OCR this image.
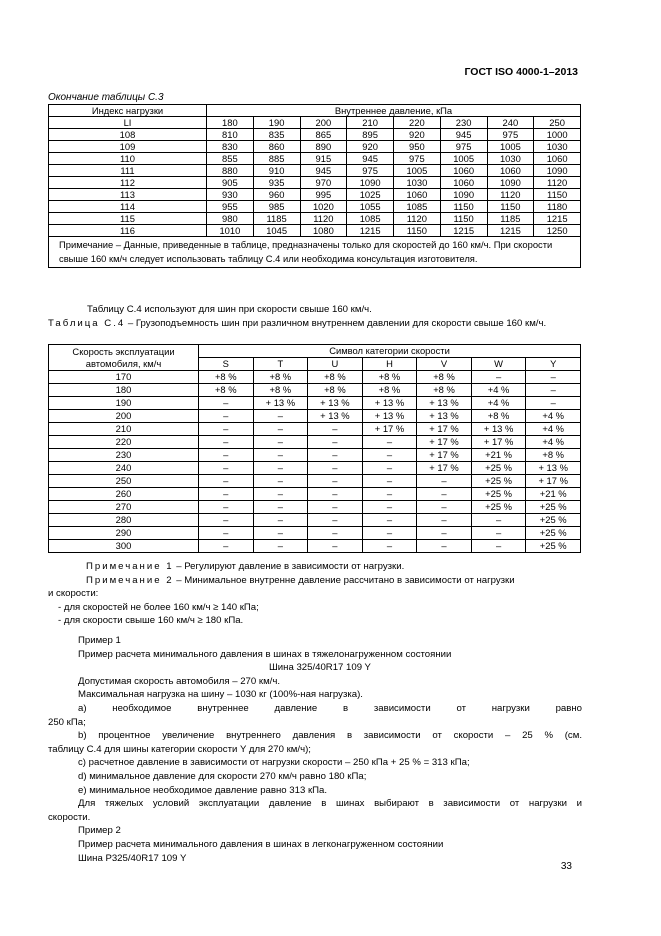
ГОСТ ISO 4000-1–2013
Окончание таблицы С.3
Индекс нагрузки	Внутреннее давление, кПа							
LI	180	190	200	210	220	230	240	250
108	810	835	865	895	920	945	975	1000
109	830	860	890	920	950	975	1005	1030
110	855	885	915	945	975	1005	1030	1060
111	880	910	945	975	1005	1060	1060	1090
112	905	935	970	1090	1030	1060	1090	1120
113	930	960	995	1025	1060	1090	1120	1150
114	955	985	1020	1055	1085	1150	1150	1180
115	980	1185	1120	1085	1120	1150	1185	1215
116	1010	1045	1080	1215	1150	1215	1215	1250
Примечание – Данные, приведенные в таблице, предназначены только для скоростей до 160 км/ч. При скорости свыше 160 км/ч следует использовать таблицу С.4 или необходима консультация изготовителя.								
Таблицу С.4 используют для шин при скорости свыше 160 км/ч.
Таблица С.4 – Грузоподъемность шин при различном внутреннем давлении для скорости свыше 160 км/ч.
Скорость эксплуатации
автомобиля, км/ч	Символ категории скорости						
	S	T	U	H	V	W	Y
170	+8 %	+8 %	+8 %	+8 %	+8 %	–	–
180	+8 %	+8 %	+8 %	+8 %	+8 %	+4 %	–
190	–	+ 13 %	+ 13 %	+ 13 %	+ 13 %	+4 %	–
200	–	–	+ 13 %	+ 13 %	+ 13 %	+8 %	+4 %
210	–	–	–	+ 17 %	+ 17 %	+ 13 %	+4 %
220	–	–	–	–	+ 17 %	+ 17 %	+4 %
230	–	–	–	–	+ 17 %	+21 %	+8 %
240	–	–	–	–	+ 17 %	+25 %	+ 13 %
250	–	–	–	–	–	+25 %	+ 17 %
260	–	–	–	–	–	+25 %	+21 %
270	–	–	–	–	–	+25 %	+25 %
280	–	–	–	–	–	–	+25 %
290	–	–	–	–	–	–	+25 %
300	–	–	–	–	–	–	+25 %

Примечание 1 – Регулируют давление в зависимости от нагрузки.

Примечание 2 – Минимальное внутренне давление рассчитано в зависимости от нагрузки

и скорости:

- для скоростей не более 160 км/ч ≥ 140 кПа;

- для скорости свыше 160 км/ч ≥ 180 кПа.

Пример 1

Пример расчета минимального давления в шинах в тяжелонагруженном состоянии

Шина 325/40R17 109 Y

Допустимая скорость автомобиля – 270 км/ч.

Максимальная нагрузка на шину – 1030 кг (100%-ная нагрузка).

а) необходимое внутреннее давление в зависимости от нагрузки равно

250 кПа;

b) процентное увеличение внутреннего давления в зависимости от скорости – 25 % (см.

таблицу С.4 для шины категории скорости Y для 270 км/ч);

c) расчетное давление в зависимости от нагрузки скорости – 250 кПа + 25 % = 313 кПа;

d) минимальное давление для скорости 270 км/ч равно 180 кПа;

e) минимальное необходимое давление равно 313 кПа.

Для тяжелых условий эксплуатации давление в шинах выбирают в зависимости от нагрузки и

скорости.

Пример 2

Пример расчета минимального давления в шинах в легконагруженном состоянии

Шина P325/40R17 109 Y

33
